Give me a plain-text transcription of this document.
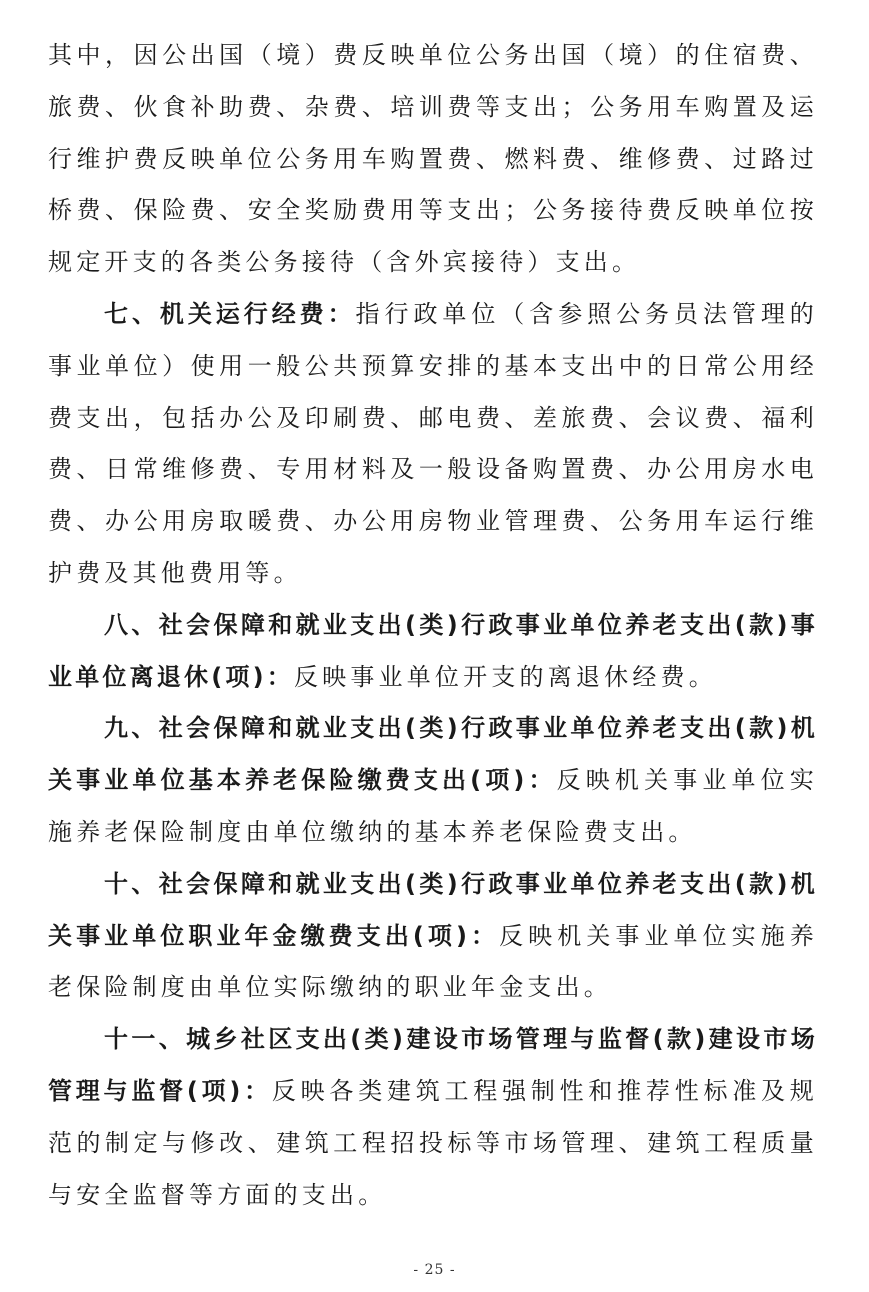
其中，因公出国（境）费反映单位公务出国（境）的住宿费、旅费、伙食补助费、杂费、培训费等支出；公务用车购置及运行维护费反映单位公务用车购置费、燃料费、维修费、过路过桥费、保险费、安全奖励费用等支出；公务接待费反映单位按规定开支的各类公务接待（含外宾接待）支出。

七、机关运行经费：指行政单位（含参照公务员法管理的事业单位）使用一般公共预算安排的基本支出中的日常公用经费支出，包括办公及印刷费、邮电费、差旅费、会议费、福利费、日常维修费、专用材料及一般设备购置费、办公用房水电费、办公用房取暖费、办公用房物业管理费、公务用车运行维护费及其他费用等。

八、社会保障和就业支出(类)行政事业单位养老支出(款)事业单位离退休(项)：反映事业单位开支的离退休经费。

九、社会保障和就业支出(类)行政事业单位养老支出(款)机关事业单位基本养老保险缴费支出(项)：反映机关事业单位实施养老保险制度由单位缴纳的基本养老保险费支出。

十、社会保障和就业支出(类)行政事业单位养老支出(款)机关事业单位职业年金缴费支出(项)：反映机关事业单位实施养老保险制度由单位实际缴纳的职业年金支出。

十一、城乡社区支出(类)建设市场管理与监督(款)建设市场管理与监督(项)：反映各类建筑工程强制性和推荐性标准及规范的制定与修改、建筑工程招投标等市场管理、建筑工程质量与安全监督等方面的支出。

- 25 -
